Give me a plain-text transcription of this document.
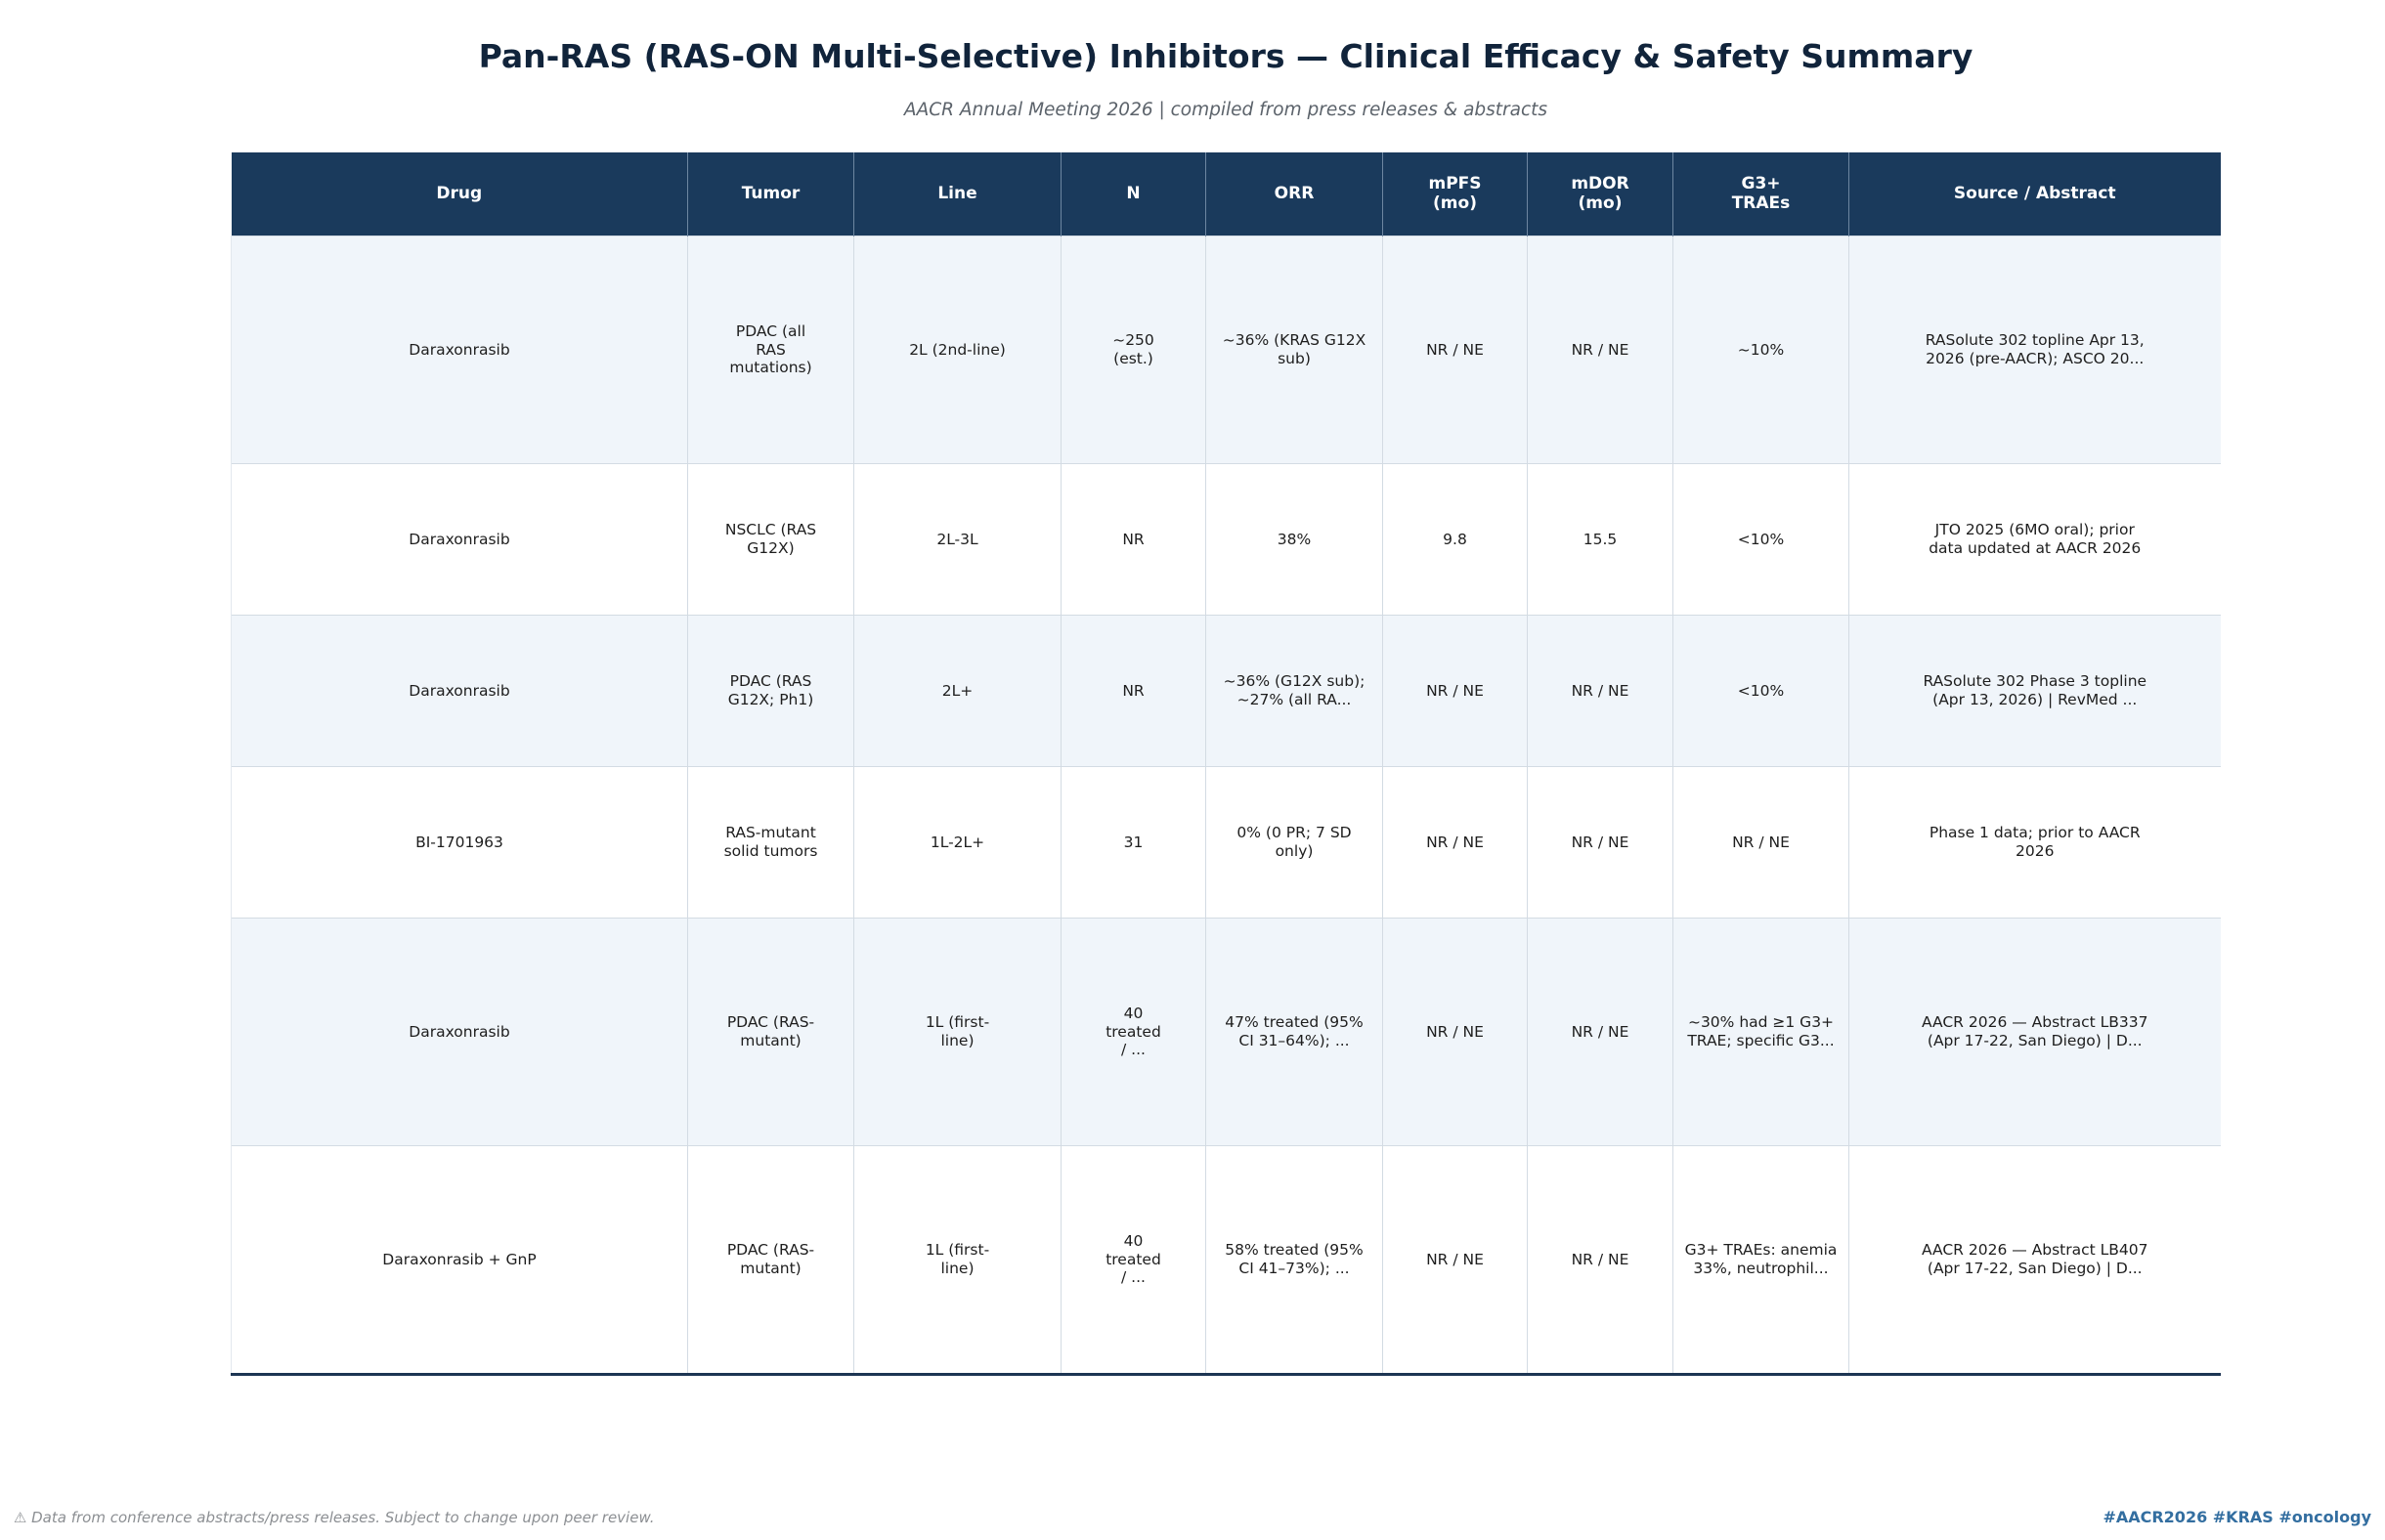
Pan-RAS (RAS-ON Multi-Selective) Inhibitors — Clinical Efficacy & Safety Summary
AACR Annual Meeting 2026 | compiled from press releases & abstracts
Drug	Tumor	Line	N	ORR	mPFS
(mo)	mDOR
(mo)	G3+
TRAEs	Source / Abstract
Daraxonrasib	PDAC (all
RAS
mutations)	2L (2nd-line)	~250
(est.)	~36% (KRAS G12X
sub)	NR / NE	NR / NE	~10%	RASolute 302 topline Apr 13,
2026 (pre-AACR); ASCO 20...
Daraxonrasib	NSCLC (RAS
G12X)	2L-3L	NR	38%	9.8	15.5	<10%	JTO 2025 (6MO oral); prior
data updated at AACR 2026
Daraxonrasib	PDAC (RAS
G12X; Ph1)	2L+	NR	~36% (G12X sub);
~27% (all RA...	NR / NE	NR / NE	<10%	RASolute 302 Phase 3 topline
(Apr 13, 2026) | RevMed ...
BI-1701963	RAS-mutant
solid tumors	1L-2L+	31	0% (0 PR; 7 SD
only)	NR / NE	NR / NE	NR / NE	Phase 1 data; prior to AACR
2026
Daraxonrasib	PDAC (RAS-
mutant)	1L (first-
line)	40
treated
/ ...	47% treated (95%
CI 31–64%); ...	NR / NE	NR / NE	~30% had ≥1 G3+
TRAE; specific G3...	AACR 2026 — Abstract LB337
(Apr 17-22, San Diego) | D...
Daraxonrasib + GnP	PDAC (RAS-
mutant)	1L (first-
line)	40
treated
/ ...	58% treated (95%
CI 41–73%); ...	NR / NE	NR / NE	G3+ TRAEs: anemia
33%, neutrophil...	AACR 2026 — Abstract LB407
(Apr 17-22, San Diego) | D...
⚠ Data from conference abstracts/press releases. Subject to change upon peer review.	#AACR2026 #KRAS #oncology
